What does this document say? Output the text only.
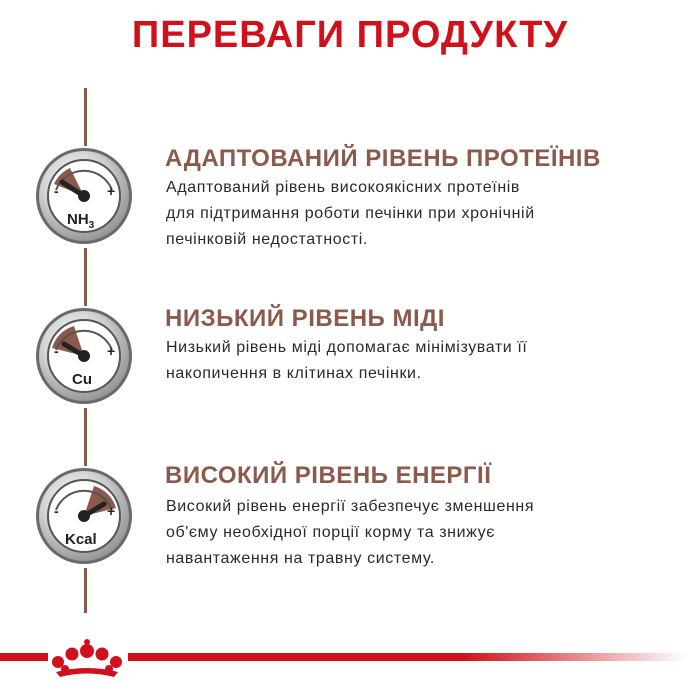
ПЕРЕВАГИ ПРОДУКТУ
-	+
$NH_3$
АДАПТОВАНИЙ РІВЕНЬ ПРОТЕЇНІВ
Адаптований рівень високоякісних протеїнів
для підтримання роботи печінки при хронічній
печінковій недостатності.
-	+
Cu
НИЗЬКИЙ РІВЕНЬ МІДІ
Низький рівень міді допомагає мінімізувати її
накопичення в клітинах печінки.
-	+
Kcal
ВИСОКИЙ РІВЕНЬ ЕНЕРГІЇ
Високий рівень енергії забезпечує зменшення
об'єму необхідної порції корму та знижує
навантаження на травну систему.
